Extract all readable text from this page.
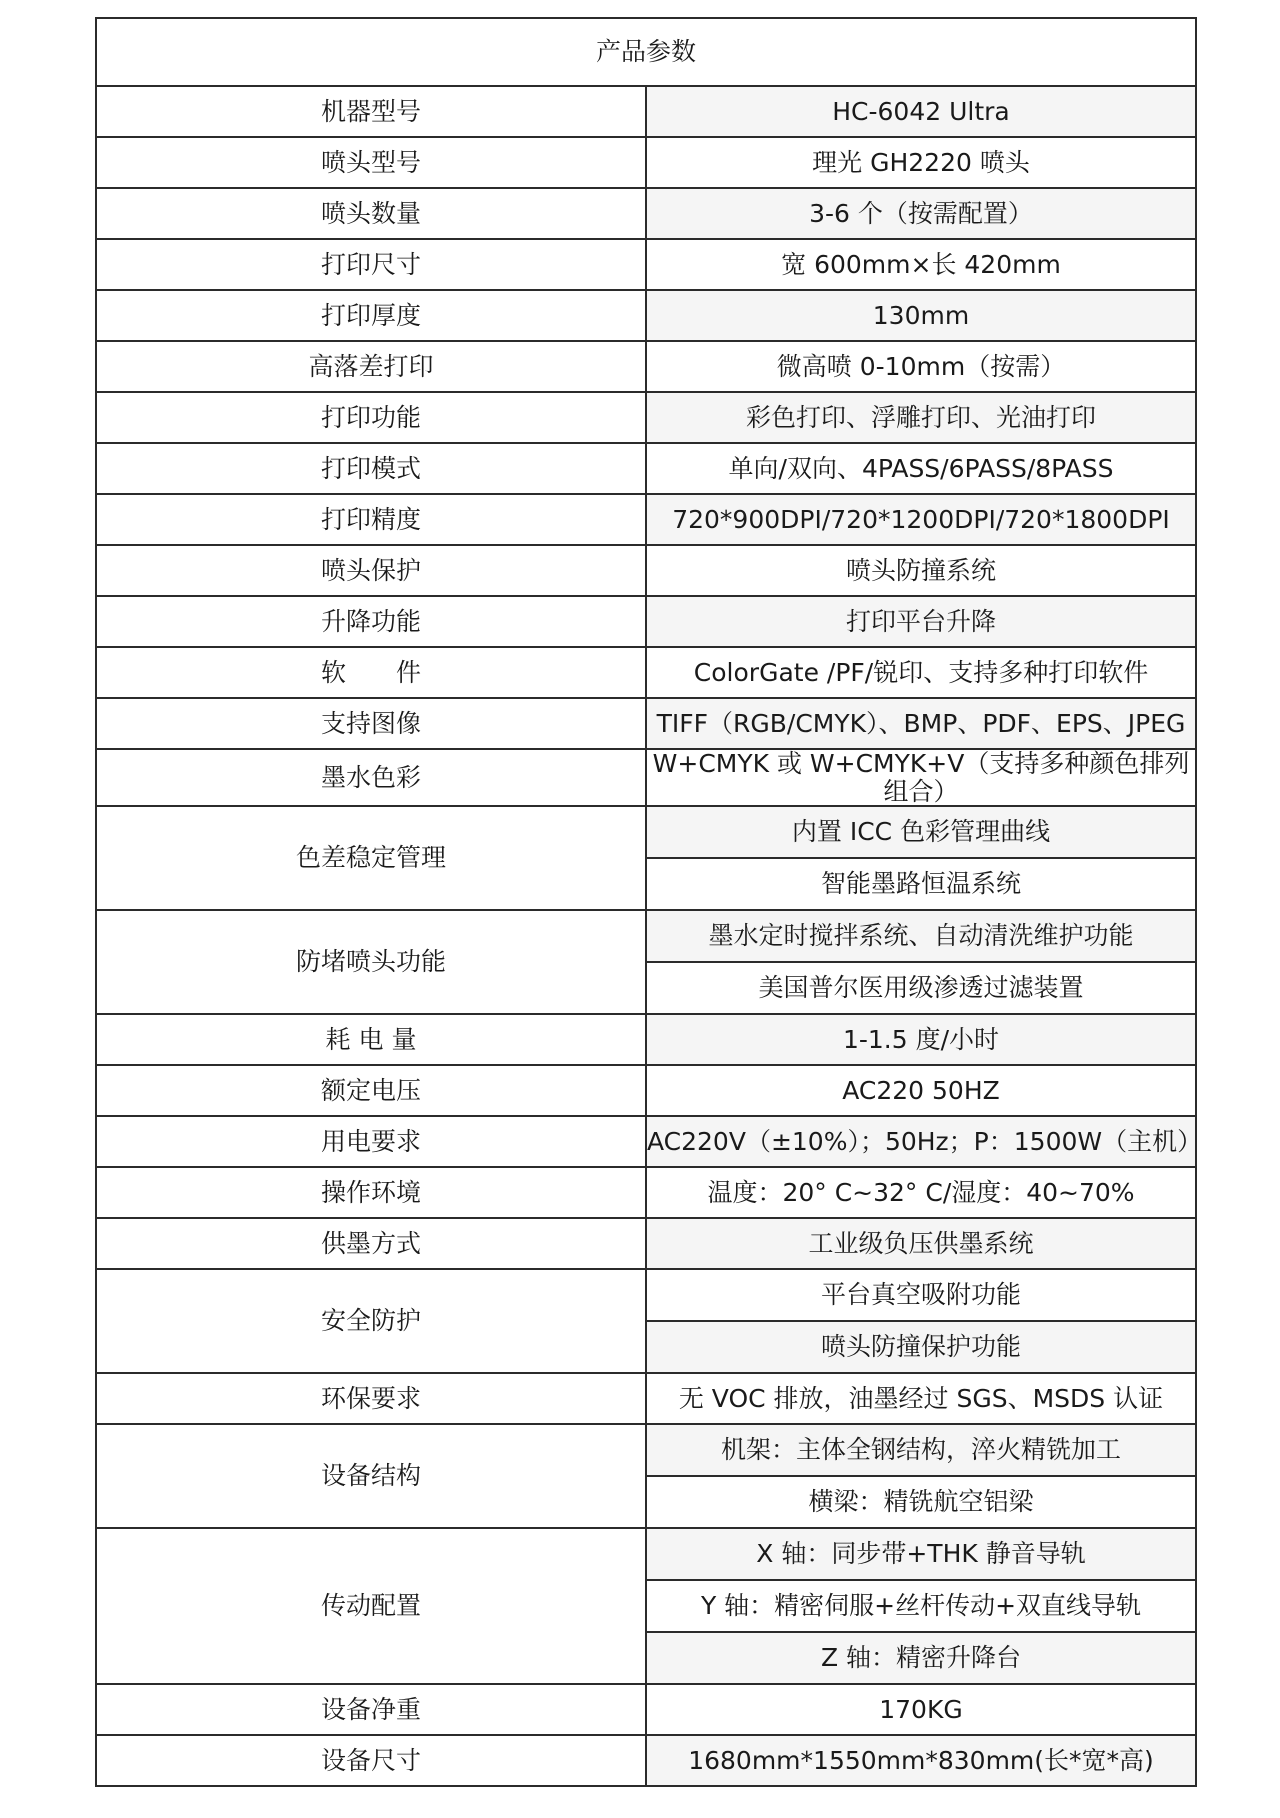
产品参数	
机器型号	HC-6042 Ultra
喷头型号	理光 GH2220 喷头
喷头数量	3-6 个（按需配置）
打印尺寸	宽 600mm×长 420mm
打印厚度	130mm
高落差打印	微高喷 0-10mm（按需）
打印功能	彩色打印、浮雕打印、光油打印
打印模式	单向/双向、4PASS/6PASS/8PASS
打印精度	720*900DPI/720*1200DPI/720*1800DPI
喷头保护	喷头防撞系统
升降功能	打印平台升降
软　　件	ColorGate /PF/锐印、支持多种打印软件
支持图像	TIFF（RGB/CMYK）、BMP、PDF、EPS、JPEG
墨水色彩	W+CMYK 或 W+CMYK+V（支持多种颜色排列组合）
色差稳定管理	内置 ICC 色彩管理曲线
	智能墨路恒温系统
防堵喷头功能	墨水定时搅拌系统、自动清洗维护功能
	美国普尔医用级渗透过滤装置
耗 电 量	1-1.5 度/小时
额定电压	AC220 50HZ
用电要求	AC220V（±10%）；50Hz；P：1500W（主机）
操作环境	温度：20° C~32° C/湿度：40~70%
供墨方式	工业级负压供墨系统
安全防护	平台真空吸附功能
	喷头防撞保护功能
环保要求	无 VOC 排放，油墨经过 SGS、MSDS 认证
设备结构	机架：主体全钢结构，淬火精铣加工
	横梁：精铣航空铝梁
传动配置	X 轴：同步带+THK 静音导轨
	Y 轴：精密伺服+丝杆传动+双直线导轨
	Z 轴：精密升降台
设备净重	170KG
设备尺寸	1680mm*1550mm*830mm(长*宽*高)
